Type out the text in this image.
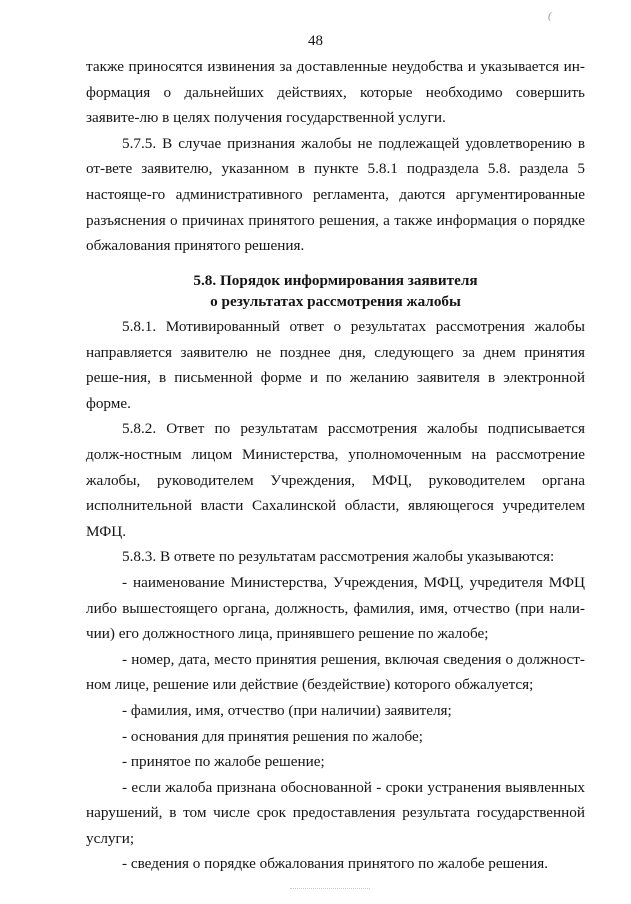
(
48

также приносятся извинения за доставленные неудобства и указывается ин-формация о дальнейших действиях, которые необходимо совершить заявите-лю в целях получения государственной услуги.

5.7.5. В случае признания жалобы не подлежащей удовлетворению в от-вете заявителю, указанном в пункте 5.8.1 подраздела 5.8. раздела 5 настояще-го административного регламента, даются аргументированные разъяснения о причинах принятого решения, а также информация о порядке обжалования принятого решения.

5.8. Порядок информирования заявителя
о результатах рассмотрения жалобы

5.8.1. Мотивированный ответ о результатах рассмотрения жалобы направляется заявителю не позднее дня, следующего за днем принятия реше-ния, в письменной форме и по желанию заявителя в электронной форме.

5.8.2. Ответ по результатам рассмотрения жалобы подписывается долж-ностным лицом Министерства, уполномоченным на рассмотрение жалобы, руководителем Учреждения, МФЦ, руководителем органа исполнительной власти Сахалинской области, являющегося учредителем МФЦ.

5.8.3. В ответе по результатам рассмотрения жалобы указываются:

- наименование Министерства, Учреждения, МФЦ, учредителя МФЦ либо вышестоящего органа, должность, фамилия, имя, отчество (при нали-чии) его должностного лица, принявшего решение по жалобе;

- номер, дата, место принятия решения, включая сведения о должност-ном лице, решение или действие (бездействие) которого обжалуется;

- фамилия, имя, отчество (при наличии) заявителя;

- основания для принятия решения по жалобе;

- принятое по жалобе решение;

- если жалоба признана обоснованной - сроки устранения выявленных нарушений, в том числе срок предоставления результата государственной услуги;

- сведения о порядке обжалования принятого по жалобе решения.
